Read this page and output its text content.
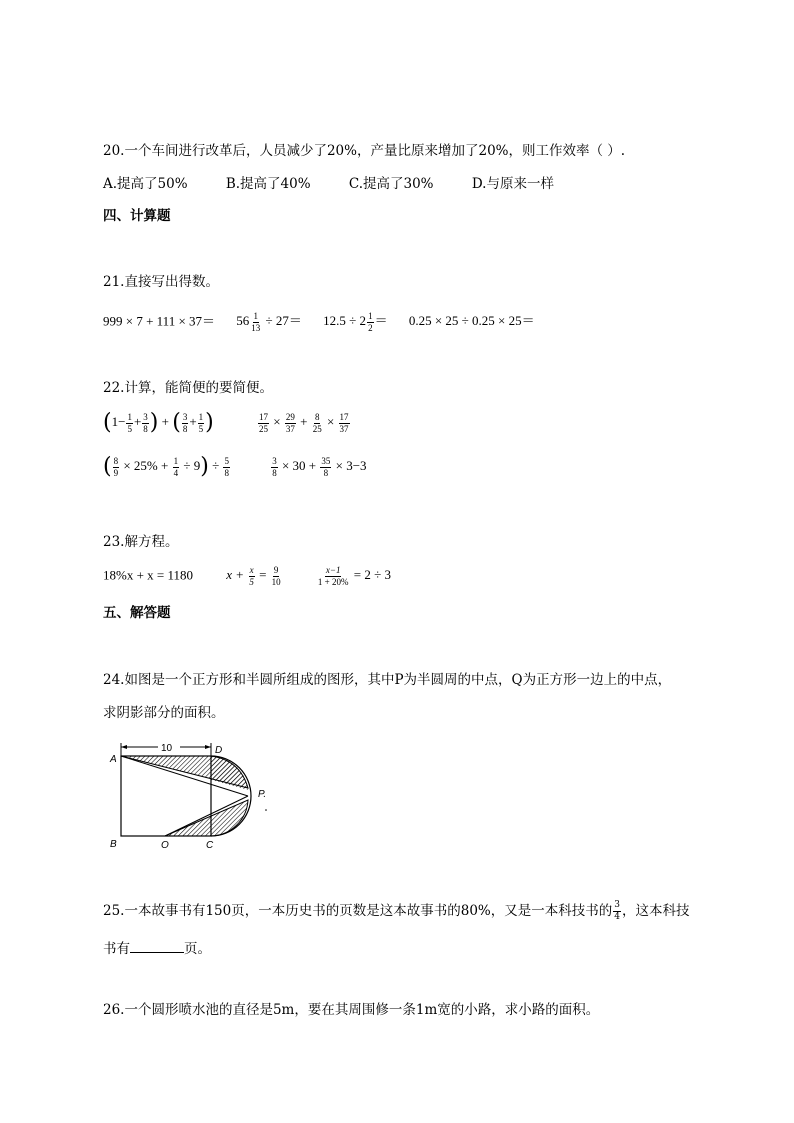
20.一个车间进行改革后，人员减少了20%，产量比原来增加了20%，则工作效率（ ）.
A.提高了50%	B.提高了40%	C.提高了30%	D.与原来一样
四、计算题
21.直接写出得数。
$999 \times 7 + 111 \times 37= 56 \frac{1}{13} \div 27= 12.5 \div 2 \frac{1}{2} = 0.25 \times 25 \div 0.25 \times 25=$
22.计算，能简便的要简便。
($1- \frac{1}{5} + \frac{3}{8}$ ) + ( $\frac{3}{8} + \frac{1}{5}$ )	$\frac{17}{25} \times \frac{29}{37} + \frac{8}{25} \times \frac{17}{37}$
( $\frac{8}{9} \times 25\% + \frac{1}{4} \div 9) \div \frac{5}{8}$
	$\frac{3}{8} \times 30 + \frac{35}{8} \times 3-3$
23.解方程。
18%x + x = 1180	$x + \frac{x}{5} = \frac{9}{10}$
	$\frac{x-1}{1 + 20\%} = 2 \div 3$
五、解答题
24.如图是一个正方形和半圆所组成的图形，其中P为半圆周的中点，Q为正方形一边上的中点，
求阴影部分的面积。
10
A
D
P.
B	O	C
25.一本故事书有150页，一本历史书的页数是这本故事书的80%，又是一本科技书的 $\frac{3}{4}$ ，这本科技
书有	页。
26.一个圆形喷水池的直径是5m，要在其周围修一条1m宽的小路，求小路的面积。
